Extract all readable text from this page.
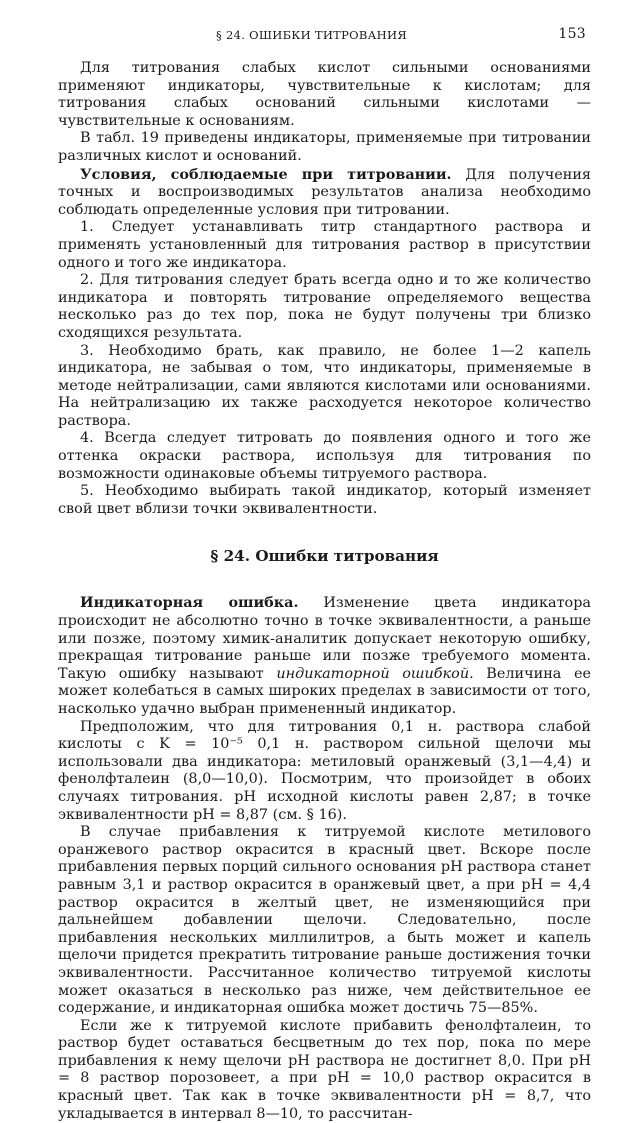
§ 24. ОШИБКИ ТИТРОВАНИЯ	153

Для титрования слабых кислот сильными основаниями применяют индикаторы, чувствительные к кислотам; для титрования слабых оснований сильными кислотами — чувствительные к основаниям.

В табл. 19 приведены индикаторы, применяемые при титровании различных кислот и оснований.

Условия, соблюдаемые при титровании. Для получения точных и воспроизводимых результатов анализа необходимо соблюдать определенные условия при титровании.

1. Следует устанавливать титр стандартного раствора и применять установленный для титрования раствор в присутствии одного и того же индикатора.

2. Для титрования следует брать всегда одно и то же количество индикатора и повторять титрование определяемого вещества несколько раз до тех пор, пока не будут получены три близко сходящихся результата.

3. Необходимо брать, как правило, не более 1—2 капель индикатора, не забывая о том, что индикаторы, применяемые в методе нейтрализации, сами являются кислотами или основаниями. На нейтрализацию их также расходуется некоторое количество раствора.

4. Всегда следует титровать до появления одного и того же оттенка окраски раствора, используя для титрования по возможности одинаковые объемы титруемого раствора.

5. Необходимо выбирать такой индикатор, который изменяет свой цвет вблизи точки эквивалентности.

§ 24. Ошибки титрования

Индикаторная ошибка. Изменение цвета индикатора происходит не абсолютно точно в точке эквивалентности, а раньше или позже, поэтому химик-аналитик допускает некоторую ошибку, прекращая титрование раньше или позже требуемого момента. Такую ошибку называют индикаторной ошибкой. Величина ее может колебаться в самых широких пределах в зависимости от того, насколько удачно выбран примененный индикатор.

Предположим, что для титрования 0,1 н. раствора слабой кислоты с K = 10⁻⁵ 0,1 н. раствором сильной щелочи мы использовали два индикатора: метиловый оранжевый (3,1—4,4) и фенолфталеин (8,0—10,0). Посмотрим, что произойдет в обоих случаях титрования. pH исходной кислоты равен 2,87; в точке эквивалентности pH = 8,87 (см. § 16).

В случае прибавления к титруемой кислоте метилового оранжевого раствор окрасится в красный цвет. Вскоре после прибавления первых порций сильного основания pH раствора станет равным 3,1 и раствор окрасится в оранжевый цвет, а при pH = 4,4 раствор окрасится в желтый цвет, не изменяющийся при дальнейшем добавлении щелочи. Следовательно, после прибавления нескольких миллилитров, а быть может и капель щелочи придется прекратить титрование раньше достижения точки эквивалентности. Рассчитанное количество титруемой кислоты может оказаться в несколько раз ниже, чем действительное ее содержание, и индикаторная ошибка может достичь 75—85%.

Если же к титруемой кислоте прибавить фенолфталеин, то раствор будет оставаться бесцветным до тех пор, пока по мере прибавления к нему щелочи pH раствора не достигнет 8,0. При pH = 8 раствор порозовеет, а при pH = 10,0 раствор окрасится в красный цвет. Так как в точке эквивалентности pH = 8,7, что укладывается в интервал 8—10, то рассчитан-
